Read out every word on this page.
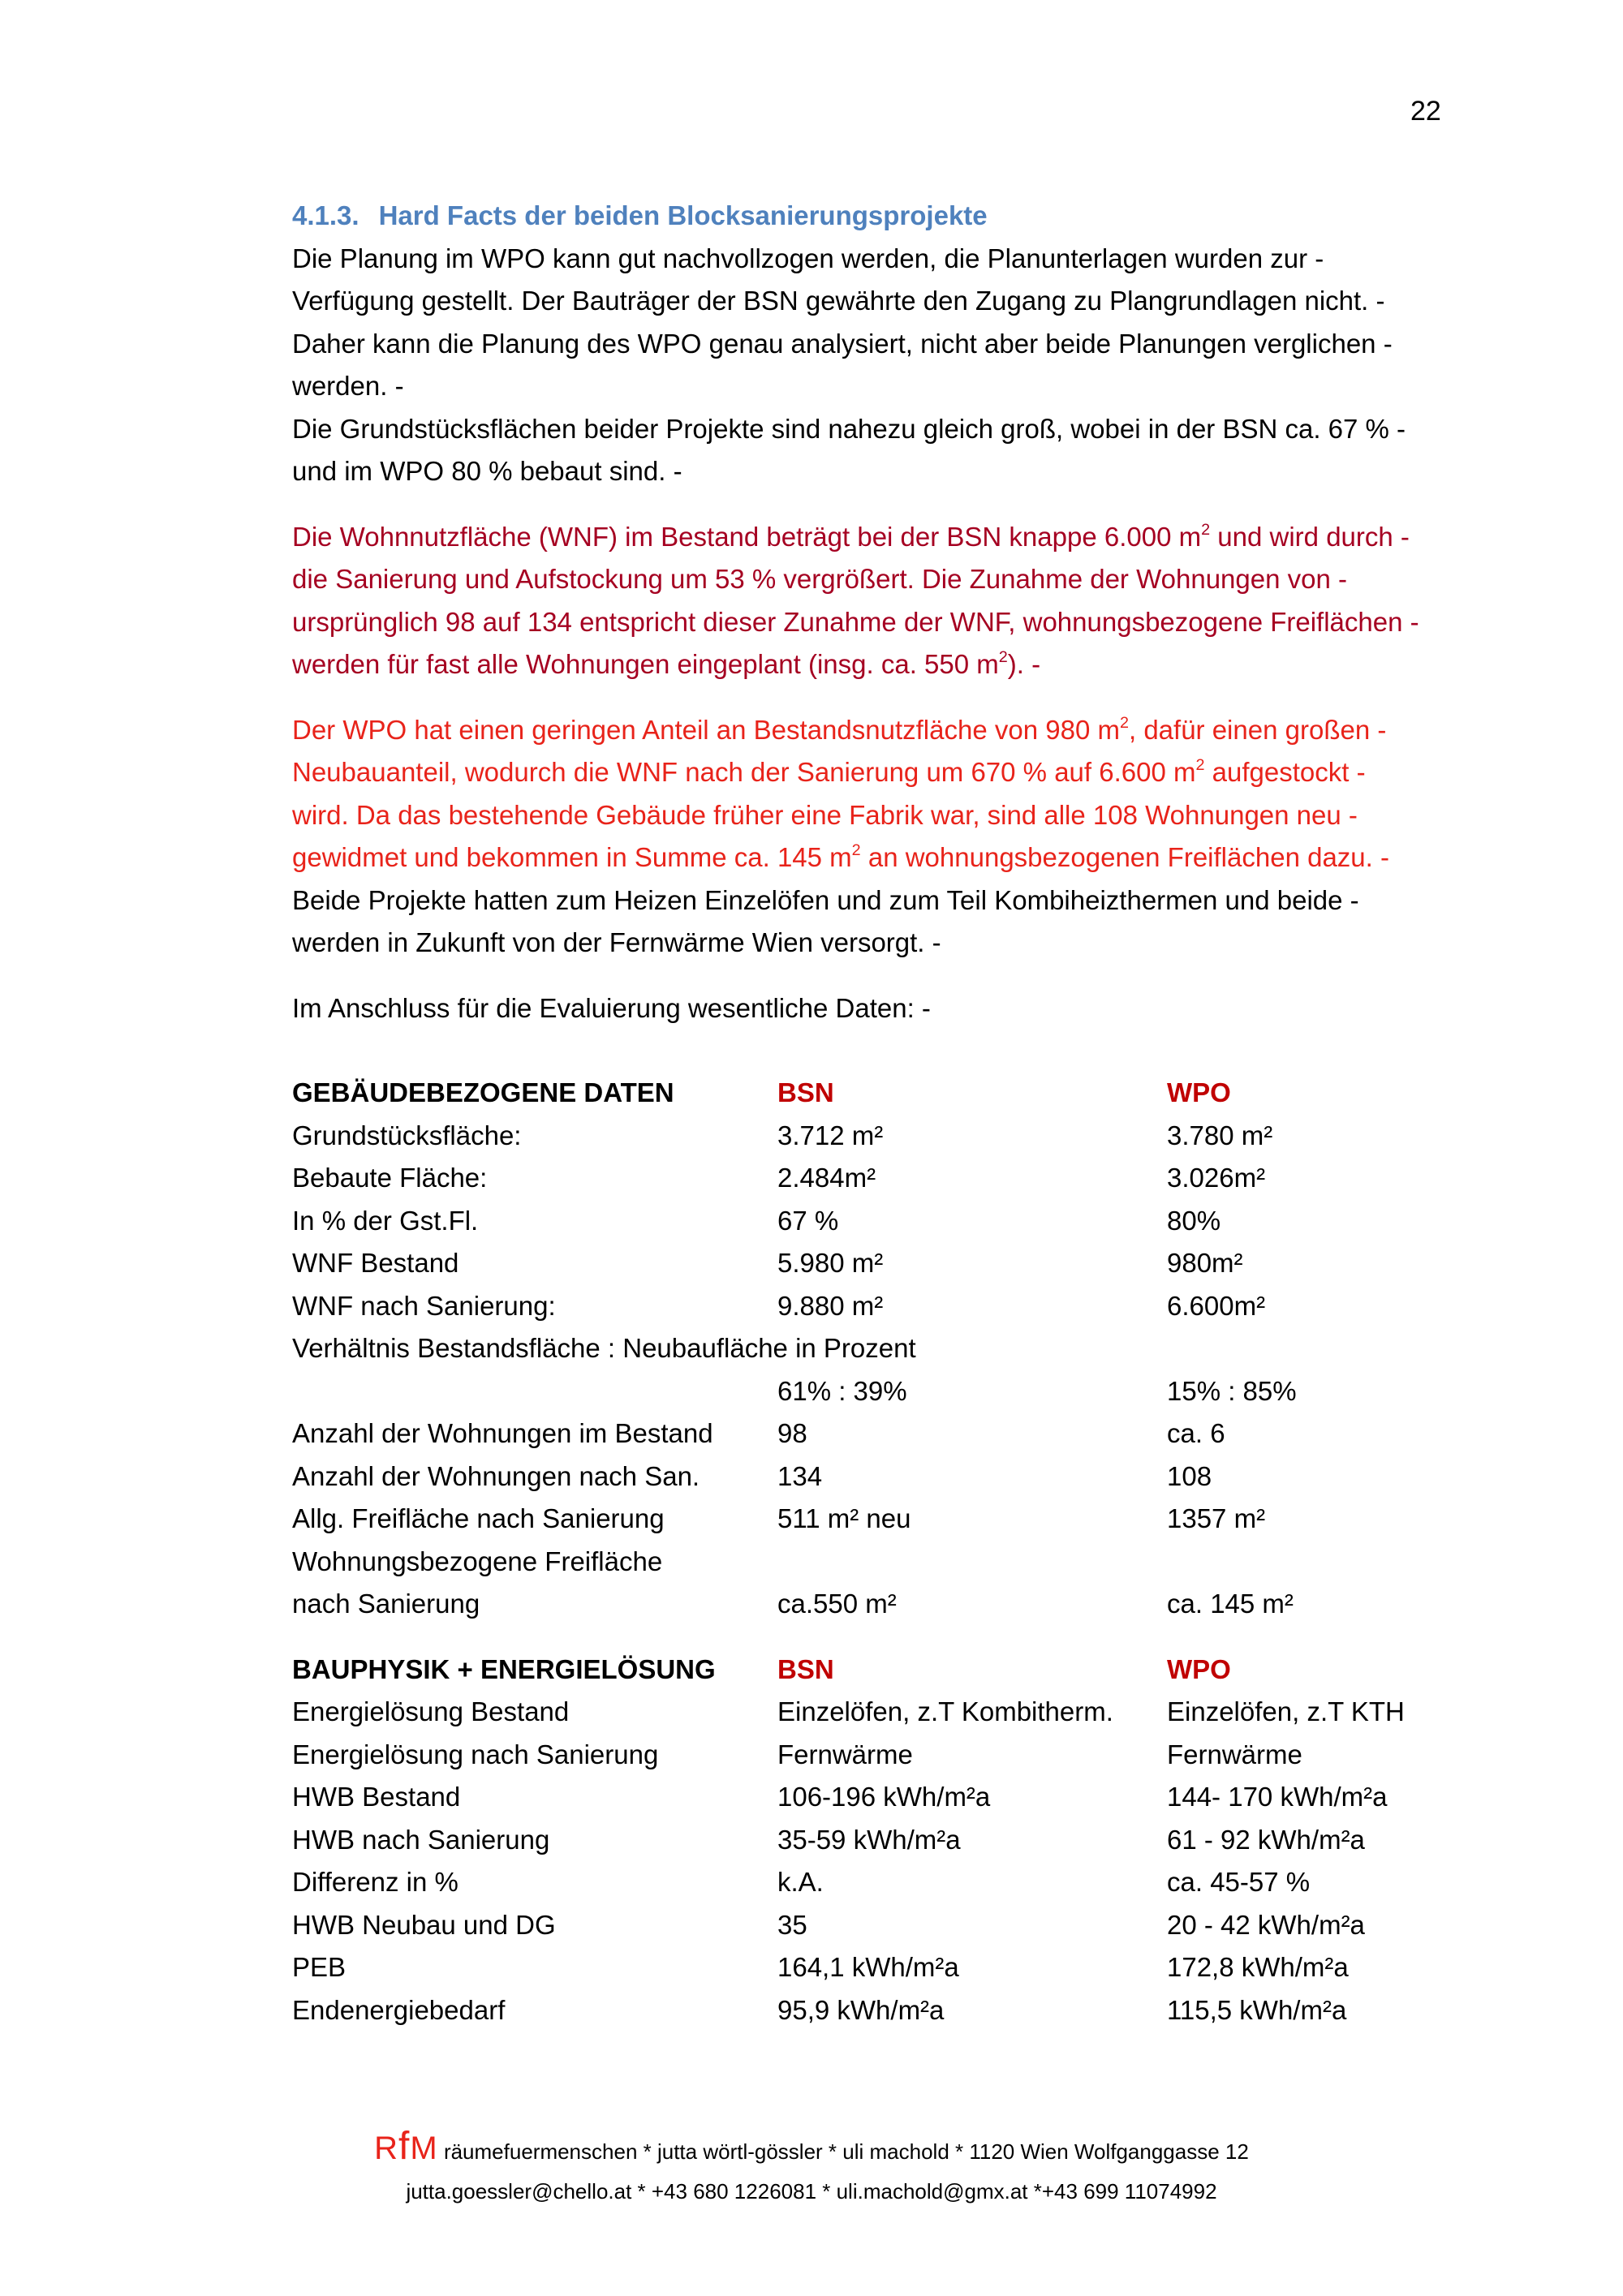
22
4.1.3. Hard Facts der beiden Blocksanierungsprojekte
Die Planung im WPO kann gut nachvollzogen werden, die Planunterlagen wurden zur -
Verfügung gestellt. Der Bauträger der BSN gewährte den Zugang zu Plangrundlagen nicht. -
Daher kann die Planung des WPO genau analysiert, nicht aber beide Planungen verglichen -
werden. -
Die Grundstücksflächen beider Projekte sind nahezu gleich groß, wobei in der BSN ca. 67 % -
und im WPO 80 % bebaut sind. -
Die Wohnnutzfläche (WNF) im Bestand beträgt bei der BSN knappe 6.000 $m^2$ und wird durch -
die Sanierung und Aufstockung um 53 % vergrößert. Die Zunahme der Wohnungen von -
ursprünglich 98 auf 134 entspricht dieser Zunahme der WNF, wohnungsbezogene Freiflächen -
werden für fast alle Wohnungen eingeplant (insg. ca. 550 $m^2$). -
Der WPO hat einen geringen Anteil an Bestandsnutzfläche von 980 $m^2$, dafür einen großen -
Neubauanteil, wodurch die WNF nach der Sanierung um 670 % auf 6.600 $m^2$ aufgestockt -
wird. Da das bestehende Gebäude früher eine Fabrik war, sind alle 108 Wohnungen neu -
gewidmet und bekommen in Summe ca. 145 $m^2$ an wohnungsbezogenen Freiflächen dazu. -
Beide Projekte hatten zum Heizen Einzelöfen und zum Teil Kombiheizthermen und beide -
werden in Zukunft von der Fernwärme Wien versorgt. -
Im Anschluss für die Evaluierung wesentliche Daten: -
GEBÄUDEBEZOGENE DATEN	BSN	WPO
Grundstücksfläche:	3.712 m²	3.780 m²
Bebaute Fläche:	2.484m²	3.026m²
In % der Gst.Fl.	67 %	80%
WNF Bestand	5.980 m²	980m²
WNF nach Sanierung:	9.880 m²	6.600m²
Verhältnis Bestandsfläche : Neubaufläche in Prozent		
	61% : 39%	15% : 85%
Anzahl der Wohnungen im Bestand	98	ca. 6
Anzahl der Wohnungen nach San.	134	108
Allg. Freifläche nach Sanierung	511 m² neu	1357 m²
Wohnungsbezogene Freifläche		
nach Sanierung	ca.550 m²	ca. 145 m²
BAUPHYSIK + ENERGIELÖSUNG	BSN	WPO
Energielösung Bestand	Einzelöfen, z.T Kombitherm.	Einzelöfen, z.T KTH
Energielösung nach Sanierung	Fernwärme	Fernwärme
HWB Bestand	106-196 kWh/m²a	144- 170 kWh/m²a
HWB nach Sanierung	35-59 kWh/m²a	61 - 92 kWh/m²a
Differenz in %	k.A.	ca. 45-57 %
HWB Neubau und DG	35	20 - 42 kWh/m²a
PEB	164,1 kWh/m²a	172,8 kWh/m²a
Endenergiebedarf	95,9 kWh/m²a	115,5 kWh/m²a
RfM räumefuermenschen * jutta wörtl-gössler * uli machold * 1120 Wien Wolfganggasse 12
jutta.goessler@chello.at * +43 680 1226081 * uli.machold@gmx.at *+43 699 11074992
